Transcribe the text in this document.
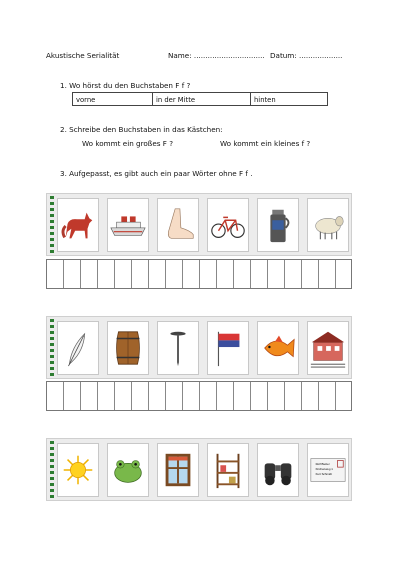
Akustische Serialität	Name: ............................... Datum: ...................
1. Wo hörst du den Buchstaben F f ?
vorne	in der Mitte	hinten
2. Schreibe den Buchstaben in das Kästchen:
Wo kommt ein großes F ?	Wo kommt ein kleines f ?
3. Aufgepasst, es gibt auch ein paar Wörter ohne F f .
Rolf Bieber
Kirchenweg 1
Kurt Schmidt
